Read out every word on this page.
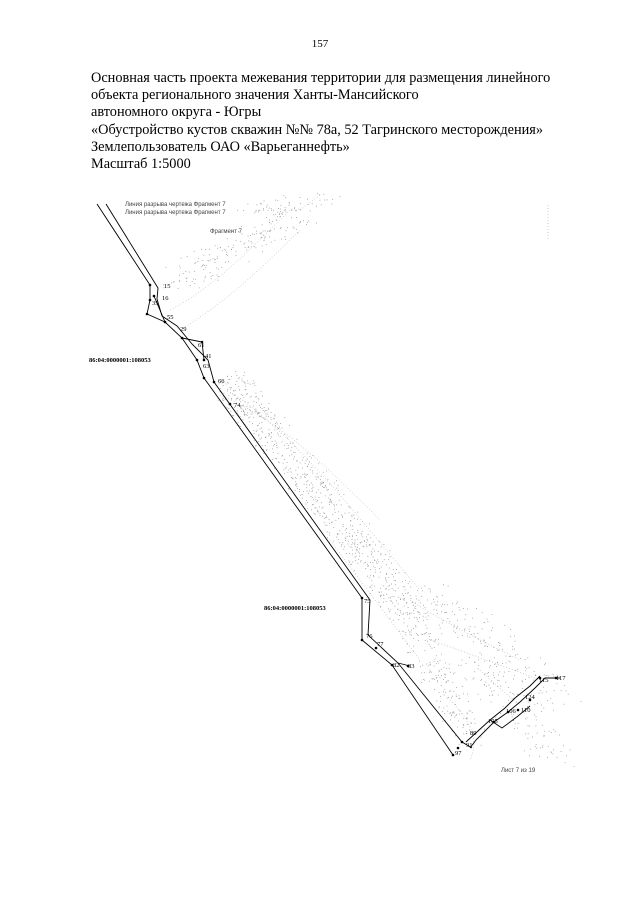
157
Основная часть проекта межевания территории для размещения линейного
объекта регионального значения Ханты-Мансийского
автономного округа - Югры
«Обустройство кустов скважин №№ 78а, 52 Тагринского месторождения»
Землепользователь ОАО «Варьеганнефть»
Масштаб 1:5000
15
16
35
55
29
61
41
63
66
74
75
76
77
82 83
89
91
97
115 117
124
110
106
105
Линия разрыва чертежа Фрагмент 7
Линия разрыва чертежа Фрагмент 7
Фрагмент 7
86:04:0000001:108053
86:04:0000001:108053
Лист 7 из 19
